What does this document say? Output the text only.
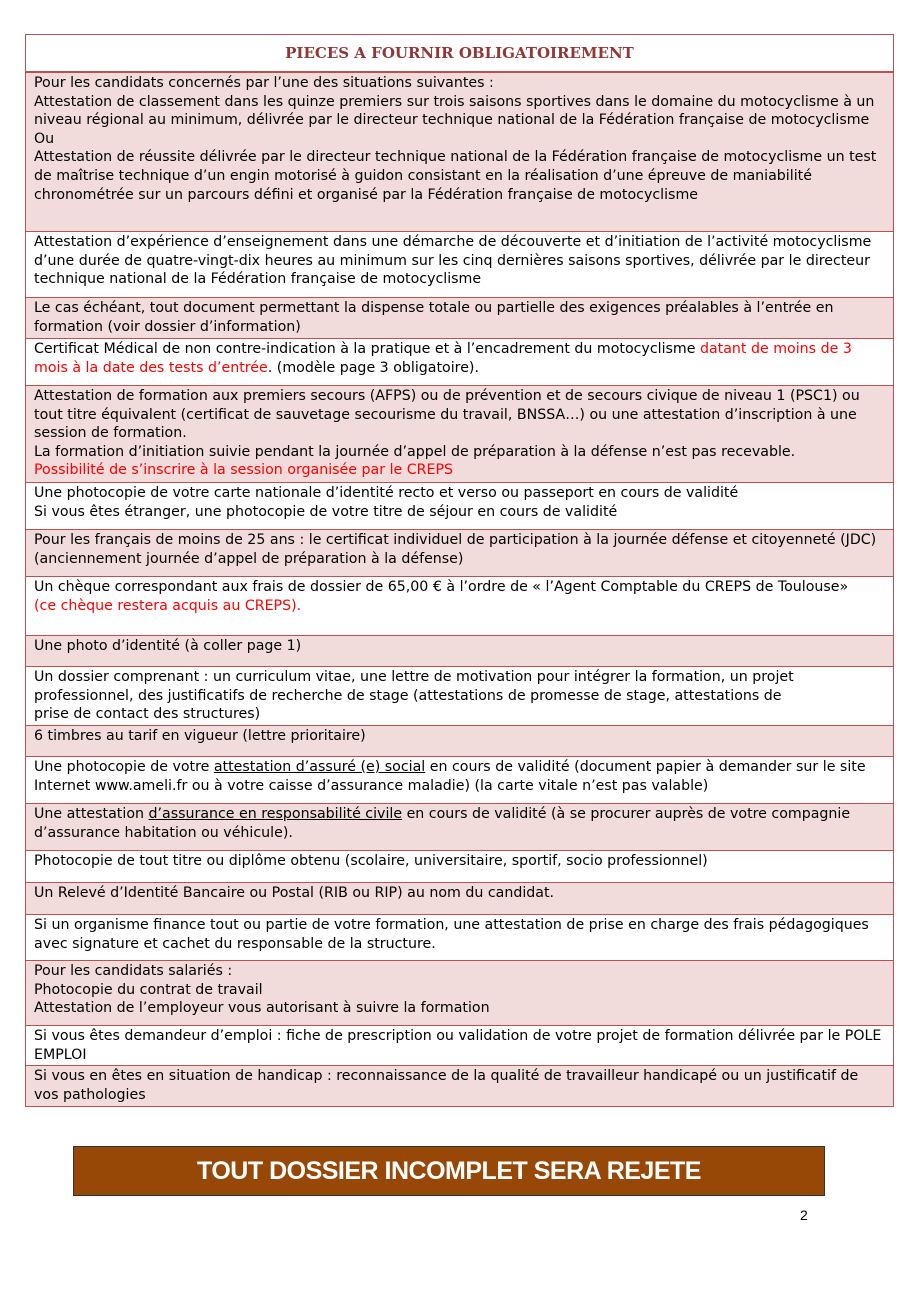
PIECES A FOURNIR OBLIGATOIREMENT
Pour les candidats concernés par l’une des situations suivantes :
Attestation de classement dans les quinze premiers sur trois saisons sportives dans le domaine du motocyclisme à un niveau régional au minimum, délivrée par le directeur technique national de la Fédération française de motocyclisme
Ou
Attestation de réussite délivrée par le directeur technique national de la Fédération française de motocyclisme un test de maîtrise technique d’un engin motorisé à guidon consistant en la réalisation d’une épreuve de maniabilité chronométrée sur un parcours défini et organisé par la Fédération française de motocyclisme
Attestation d’expérience d’enseignement dans une démarche de découverte et d’initiation de l’activité motocyclisme d’une durée de quatre-vingt-dix heures au minimum sur les cinq dernières saisons sportives, délivrée par le directeur technique national de la Fédération française de motocyclisme
Le cas échéant, tout document permettant la dispense totale ou partielle des exigences préalables à l’entrée en formation (voir dossier d’information)
Certificat Médical de non contre-indication à la pratique et à l’encadrement du motocyclisme datant de moins de 3 mois à la date des tests d’entrée. (modèle page 3 obligatoire).
Attestation de formation aux premiers secours (AFPS) ou de prévention et de secours civique de niveau 1 (PSC1) ou tout titre équivalent (certificat de sauvetage secourisme du travail, BNSSA…) ou une attestation d’inscription à une session de formation.
La formation d’initiation suivie pendant la journée d’appel de préparation à la défense n’est pas recevable.
Possibilité de s’inscrire à la session organisée par le CREPS
Une photocopie de votre carte nationale d’identité recto et verso ou passeport en cours de validité
Si vous êtes étranger, une photocopie de votre titre de séjour en cours de validité
Pour les français de moins de 25 ans : le certificat individuel de participation à la journée défense et citoyenneté (JDC) (anciennement journée d’appel de préparation à la défense)
Un chèque correspondant aux frais de dossier de 65,00 € à l’ordre de « l’Agent Comptable du CREPS de Toulouse»
(ce chèque restera acquis au CREPS).
Une photo d’identité (à coller page 1)
Un dossier comprenant : un curriculum vitae, une lettre de motivation pour intégrer la formation, un projet
professionnel, des justificatifs de recherche de stage (attestations de promesse de stage, attestations de
prise de contact des structures)
6 timbres au tarif en vigueur (lettre prioritaire)
Une photocopie de votre attestation d’assuré (e) social en cours de validité (document papier à demander sur le site Internet www.ameli.fr ou à votre caisse d’assurance maladie) (la carte vitale n’est pas valable)
Une attestation d’assurance en responsabilité civile en cours de validité (à se procurer auprès de votre compagnie d’assurance habitation ou véhicule).
Photocopie de tout titre ou diplôme obtenu (scolaire, universitaire, sportif, socio professionnel)
Un Relevé d’Identité Bancaire ou Postal (RIB ou RIP) au nom du candidat.
Si un organisme finance tout ou partie de votre formation, une attestation de prise en charge des frais pédagogiques avec signature et cachet du responsable de la structure.
Pour les candidats salariés :
Photocopie du contrat de travail
Attestation de l’employeur vous autorisant à suivre la formation
Si vous êtes demandeur d’emploi : fiche de prescription ou validation de votre projet de formation délivrée par le POLE EMPLOI
Si vous en êtes en situation de handicap : reconnaissance de la qualité de travailleur handicapé ou un justificatif de vos pathologies
TOUT DOSSIER INCOMPLET SERA REJETE
2
